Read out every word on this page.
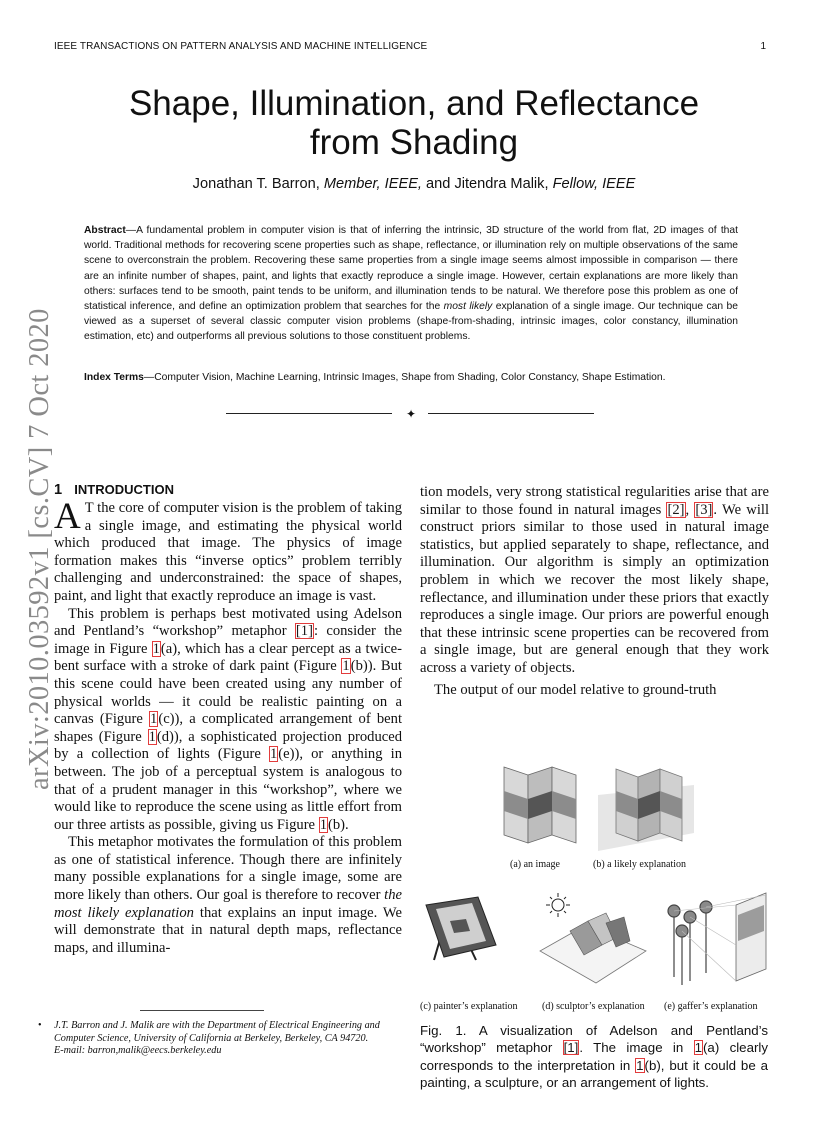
IEEE TRANSACTIONS ON PATTERN ANALYSIS AND MACHINE INTELLIGENCE	1
Shape, Illumination, and Reflectance
from Shading
Jonathan T. Barron, Member, IEEE, and Jitendra Malik, Fellow, IEEE
Abstract—A fundamental problem in computer vision is that of inferring the intrinsic, 3D structure of the world from flat, 2D images of that world. Traditional methods for recovering scene properties such as shape, reflectance, or illumination rely on multiple observations of the same scene to overconstrain the problem. Recovering these same properties from a single image seems almost impossible in comparison — there are an infinite number of shapes, paint, and lights that exactly reproduce a single image. However, certain explanations are more likely than others: surfaces tend to be smooth, paint tends to be uniform, and illumination tends to be natural. We therefore pose this problem as one of statistical inference, and define an optimization problem that searches for the most likely explanation of a single image. Our technique can be viewed as a superset of several classic computer vision problems (shape-from-shading, intrinsic images, color constancy, illumination estimation, etc) and outperforms all previous solutions to those constituent problems.
Index Terms—Computer Vision, Machine Learning, Intrinsic Images, Shape from Shading, Color Constancy, Shape Estimation.
✦
arXiv:2010.03592v1 [cs.CV] 7 Oct 2020 1 INTRODUCTION

A T the core of computer vision is the problem of taking a single image, and estimating the physical world which produced that image. The physics of image formation makes this “inverse optics” problem terribly challenging and underconstrained: the space of shapes, paint, and light that exactly reproduce an image is vast.

This problem is perhaps best motivated using Adelson and Pentland’s “workshop” metaphor [1]: consider the image in Figure 1(a), which has a clear percept as a twice-bent surface with a stroke of dark paint (Figure 1(b)). But this scene could have been created using any number of physical worlds — it could be realistic painting on a canvas (Figure 1(c)), a complicated arrangement of bent shapes (Figure 1(d)), a sophisticated projection produced by a collection of lights (Figure 1(e)), or anything in between. The job of a perceptual system is analogous to that of a prudent manager in this “workshop”, where we would like to reproduce the scene using as little effort from our three artists as possible, giving us Figure 1(b).

This metaphor motivates the formulation of this problem as one of statistical inference. Though there are infinitely many possible explanations for a single image, some are more likely than others. Our goal is therefore to recover the most likely explanation that explains an input image. We will demonstrate that in natural depth maps, reflectance maps, and illumina-

• J.T. Barron and J. Malik are with the Department of Electrical Engineering and Computer Science, University of California at Berkeley, Berkeley, CA 94720.
E-mail: barron,malik@eecs.berkeley.edu

tion models, very strong statistical regularities arise that are similar to those found in natural images [2], [3]. We will construct priors similar to those used in natural image statistics, but applied separately to shape, reflectance, and illumination. Our algorithm is simply an optimization problem in which we recover the most likely shape, reflectance, and illumination under these priors that exactly reproduces a single image. Our priors are powerful enough that these intrinsic scene properties can be recovered from a single image, but are general enough that they work across a variety of objects.

The output of our model relative to ground-truth

(a) an image	(b) a likely explanation
(c) painter’s explanation (d) sculptor’s explanation (e) gaffer’s explanation
Fig. 1. A visualization of Adelson and Pentland’s “workshop” metaphor [1]. The image in 1(a) clearly corresponds to the interpretation in 1(b), but it could be a painting, a sculpture, or an arrangement of lights.
